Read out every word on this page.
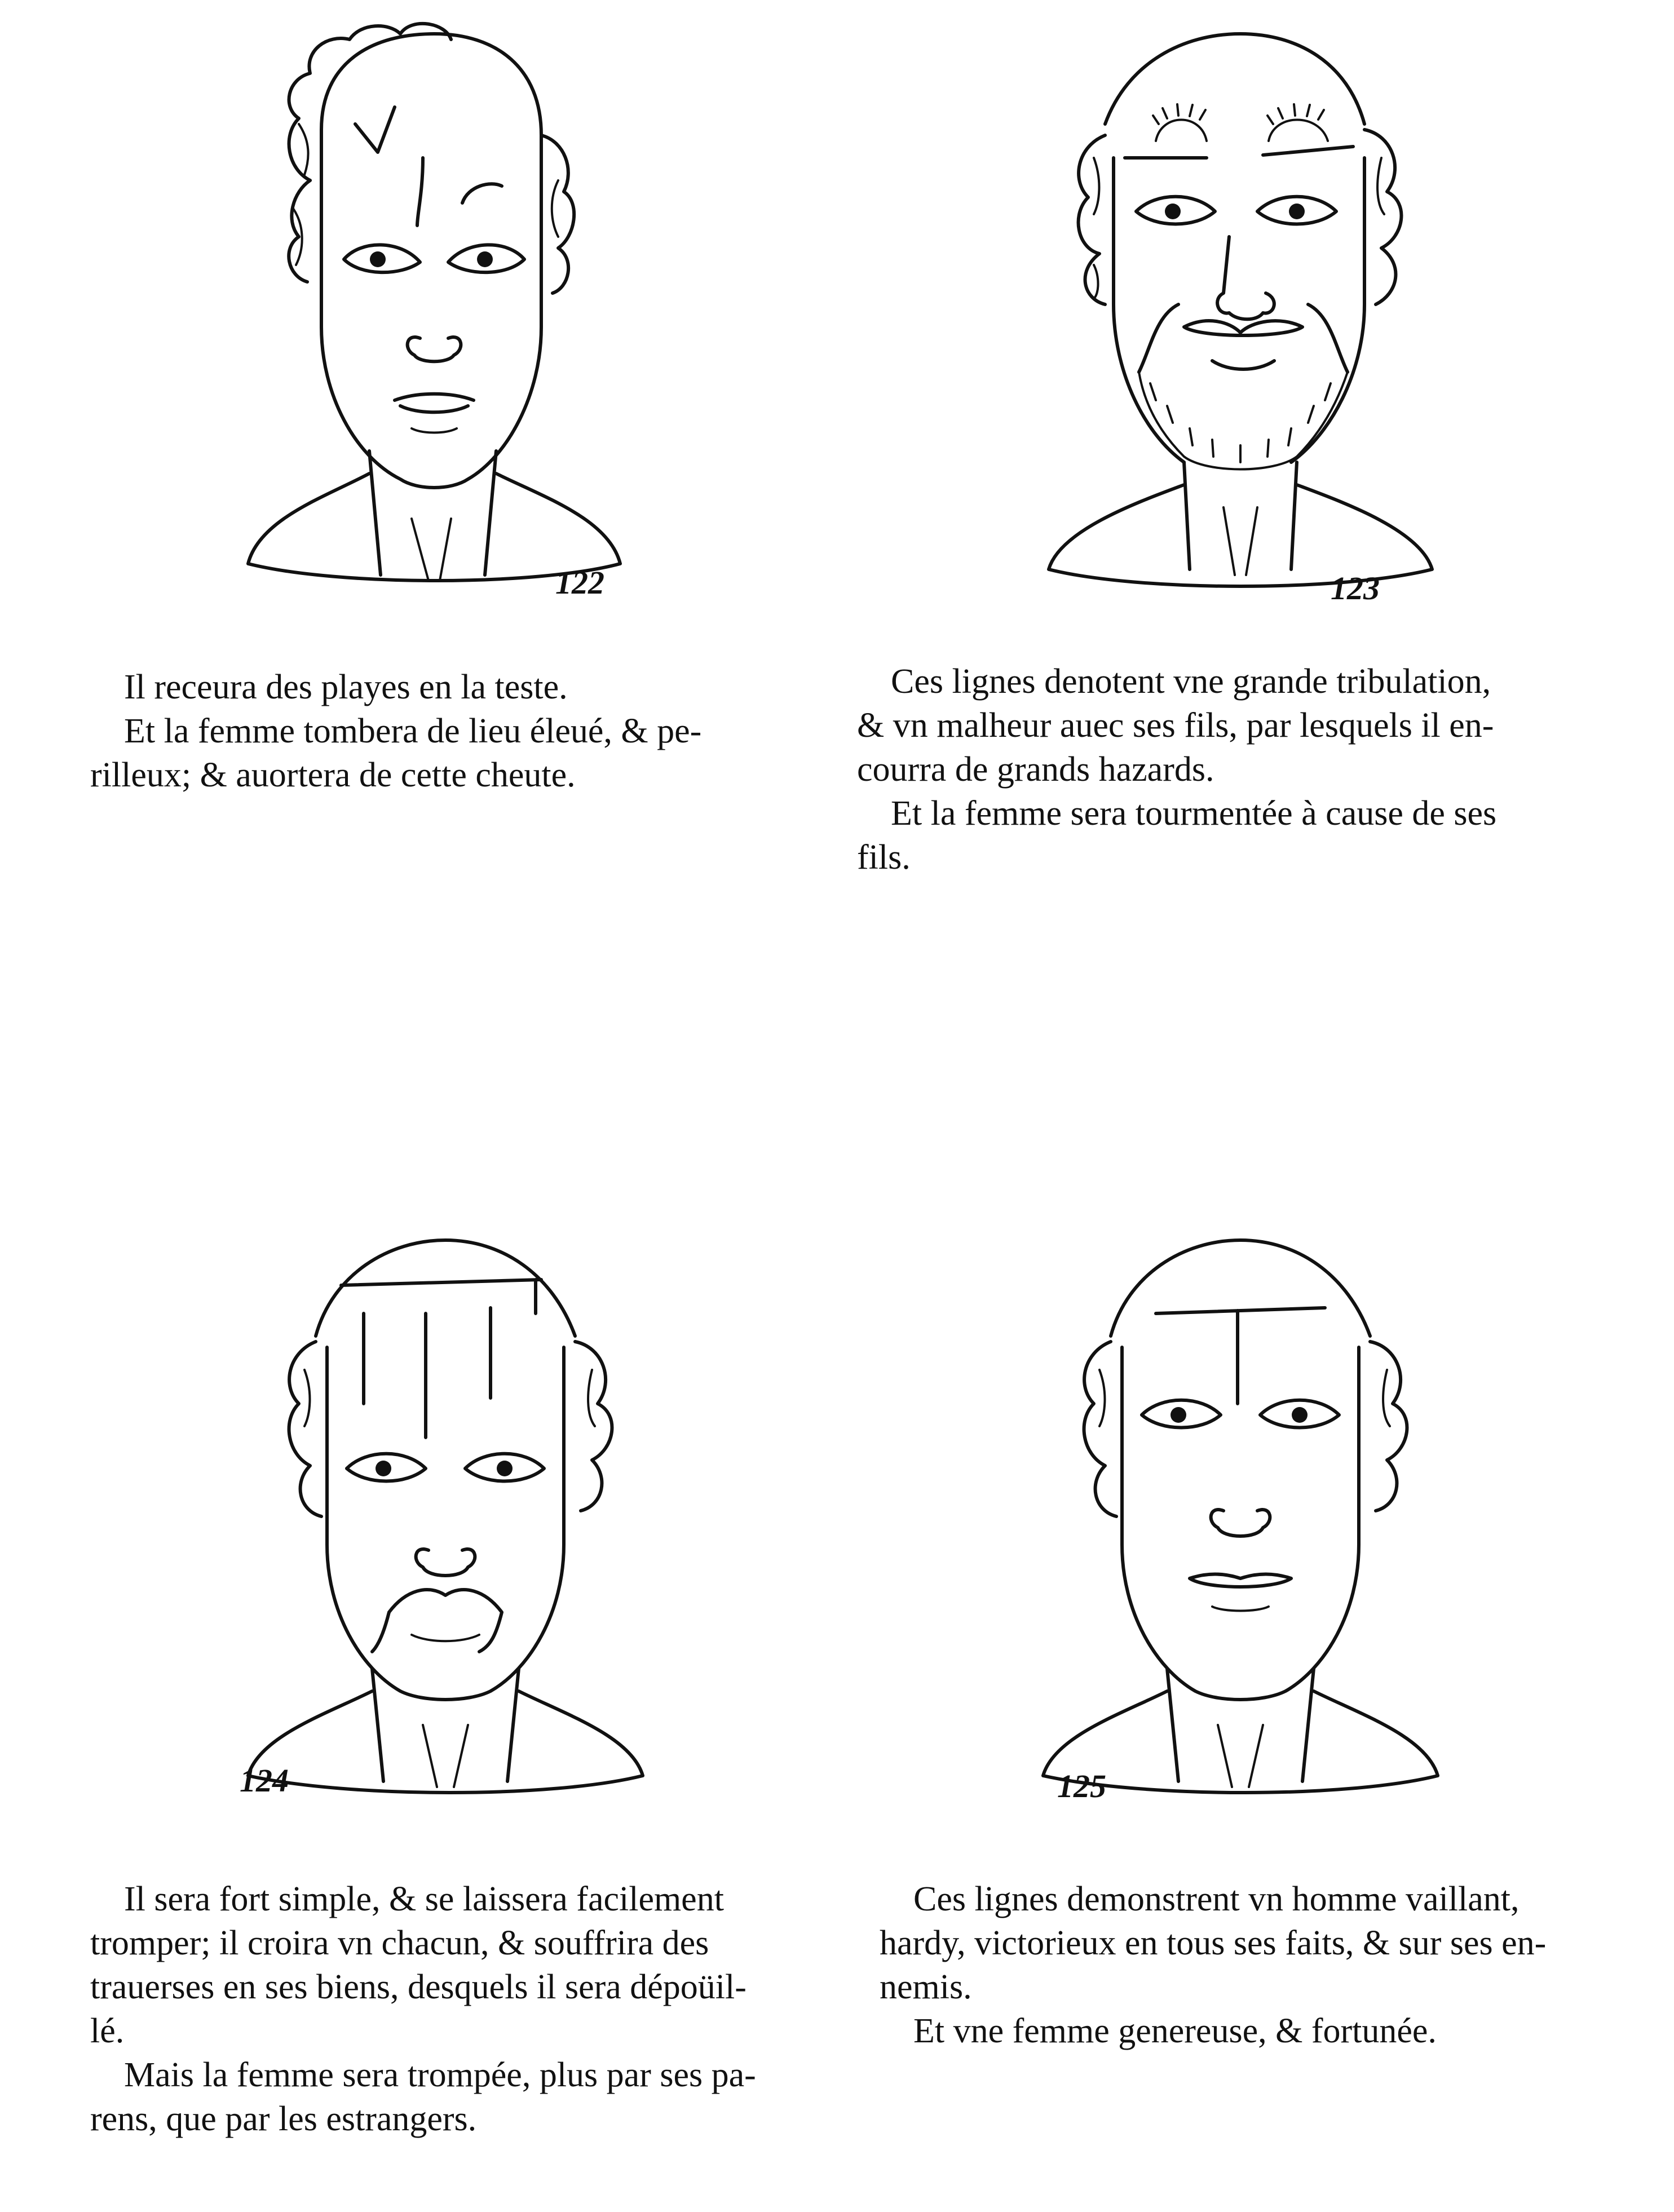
122	123
124	125

Il receura des playes en la teste.

Et la femme tombera de lieu éleué, & pe-

rilleux; & auortera de cette cheute.

Ces lignes denotent vne grande tribulation,

& vn malheur auec ses fils, par lesquels il en-

courra de grands hazards.

Et la femme sera tourmentée à cause de ses

fils.

Il sera fort simple, & se laissera facilement

tromper; il croira vn chacun, & souffrira des

trauerses en ses biens, desquels il sera dépoüil-

lé.

Mais la femme sera trompée, plus par ses pa-

rens, que par les estrangers.

Ces lignes demonstrent vn homme vaillant,

hardy, victorieux en tous ses faits, & sur ses en-

nemis.

Et vne femme genereuse, & fortunée.
